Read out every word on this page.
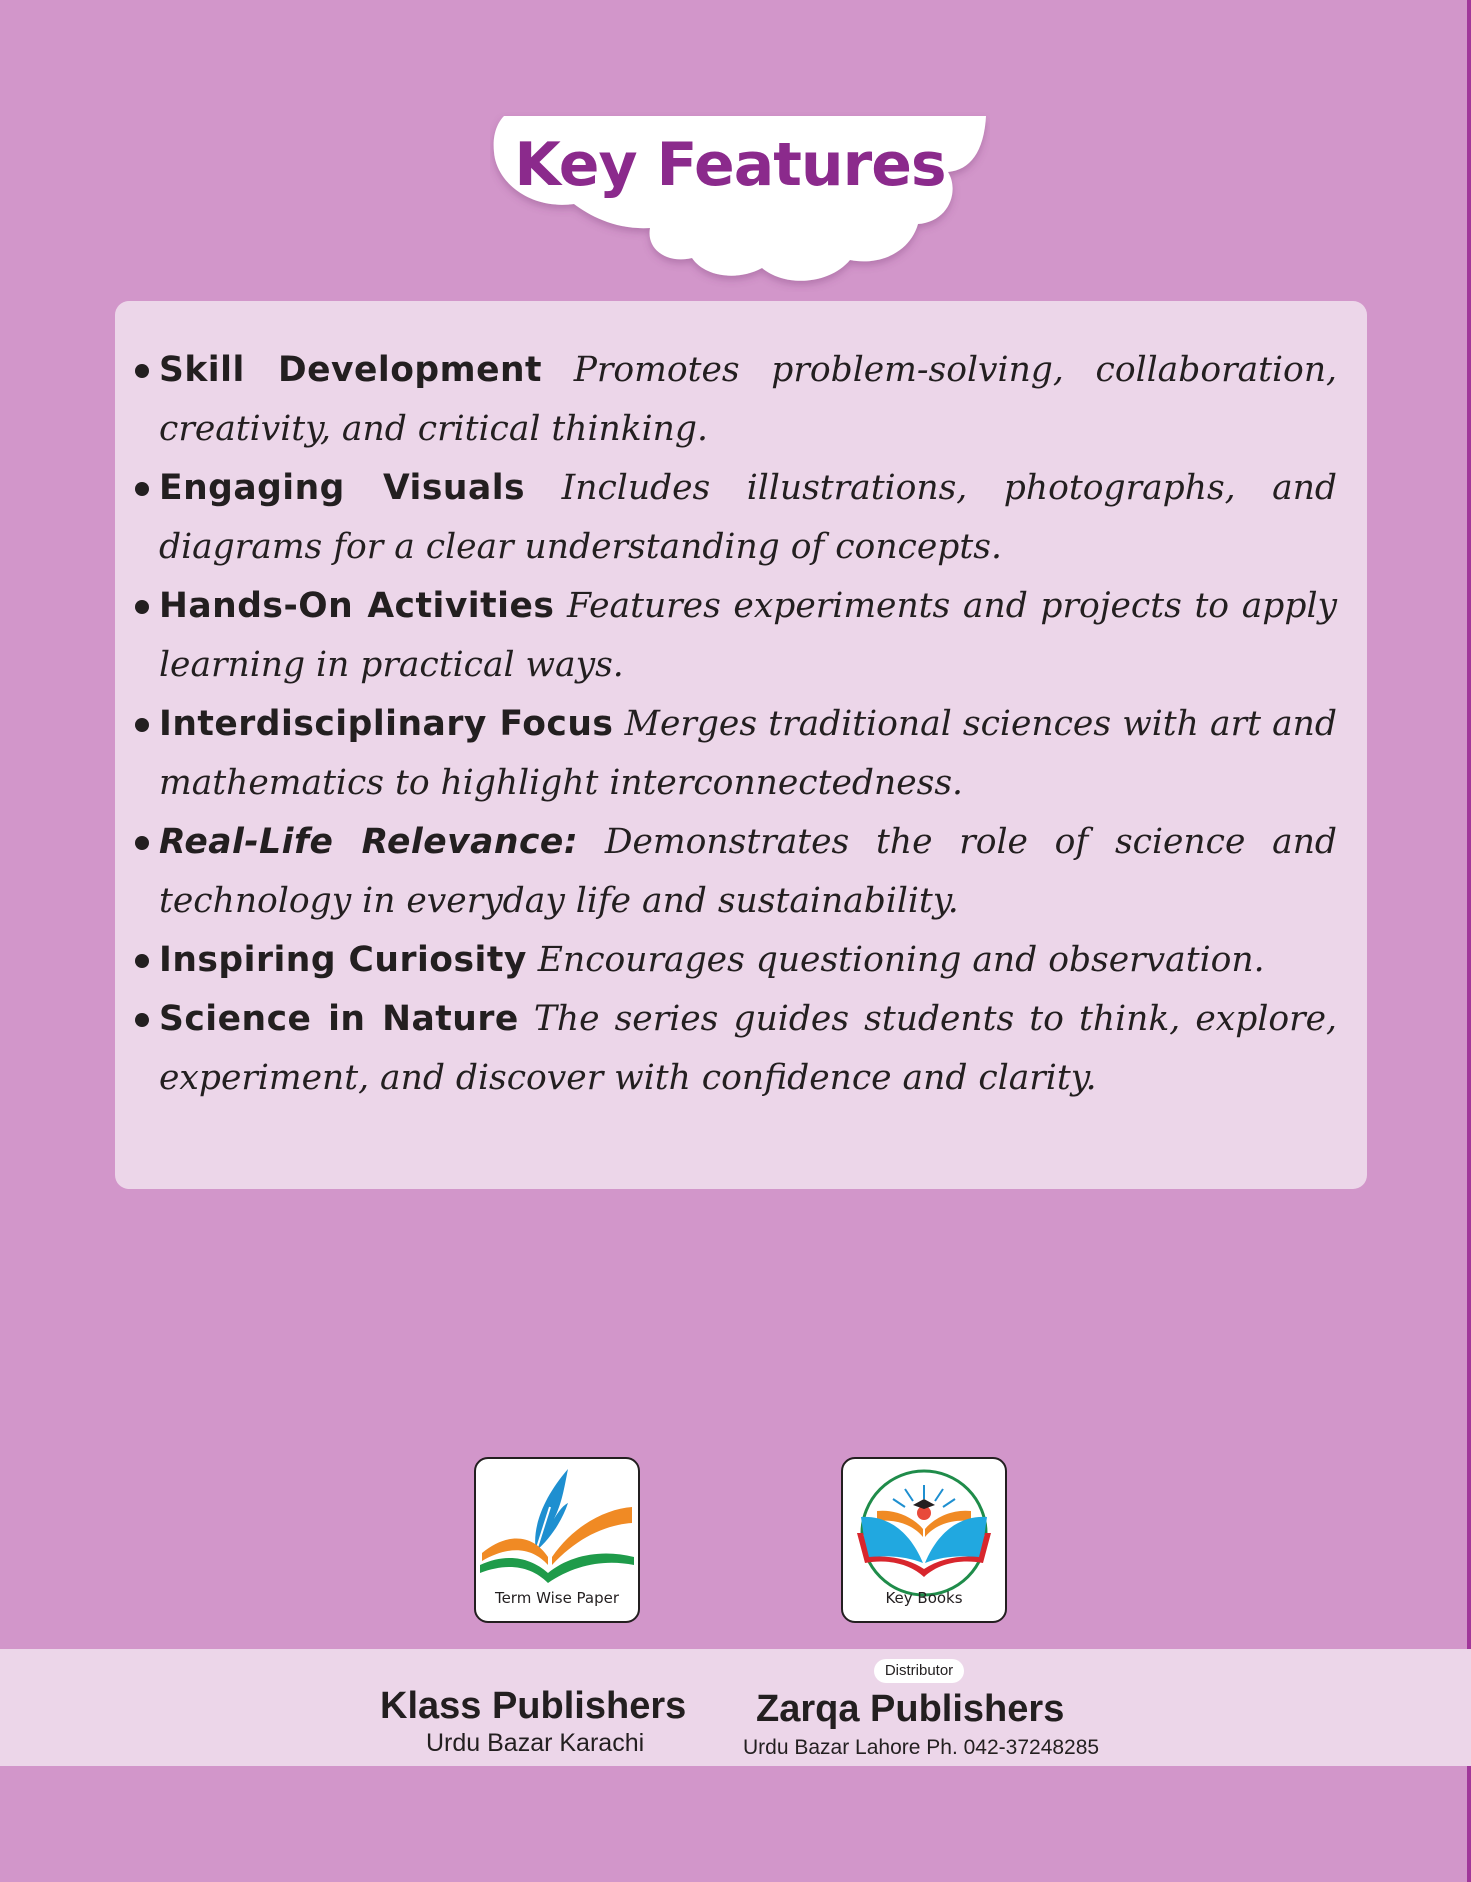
Key Features
Skill Development Promotes problem-solving, collaboration, creativity, and critical thinking.
Engaging Visuals Includes illustrations, photographs, and diagrams for a clear understanding of concepts.
Hands-On Activities Features experiments and projects to apply learning in practical ways.
Interdisciplinary Focus Merges traditional sciences with art and mathematics to highlight interconnectedness.
Real-Life Relevance: Demonstrates the role of science and technology in everyday life and sustainability.
Inspiring Curiosity Encourages questioning and observation.
Science in Nature The series guides students to think, explore, experiment, and discover with confidence and clarity.
Term Wise Paper	Key Books
Klass Publishers
Urdu Bazar Karachi
Distributor
Zarqa Publishers
Urdu Bazar Lahore Ph. 042-37248285
